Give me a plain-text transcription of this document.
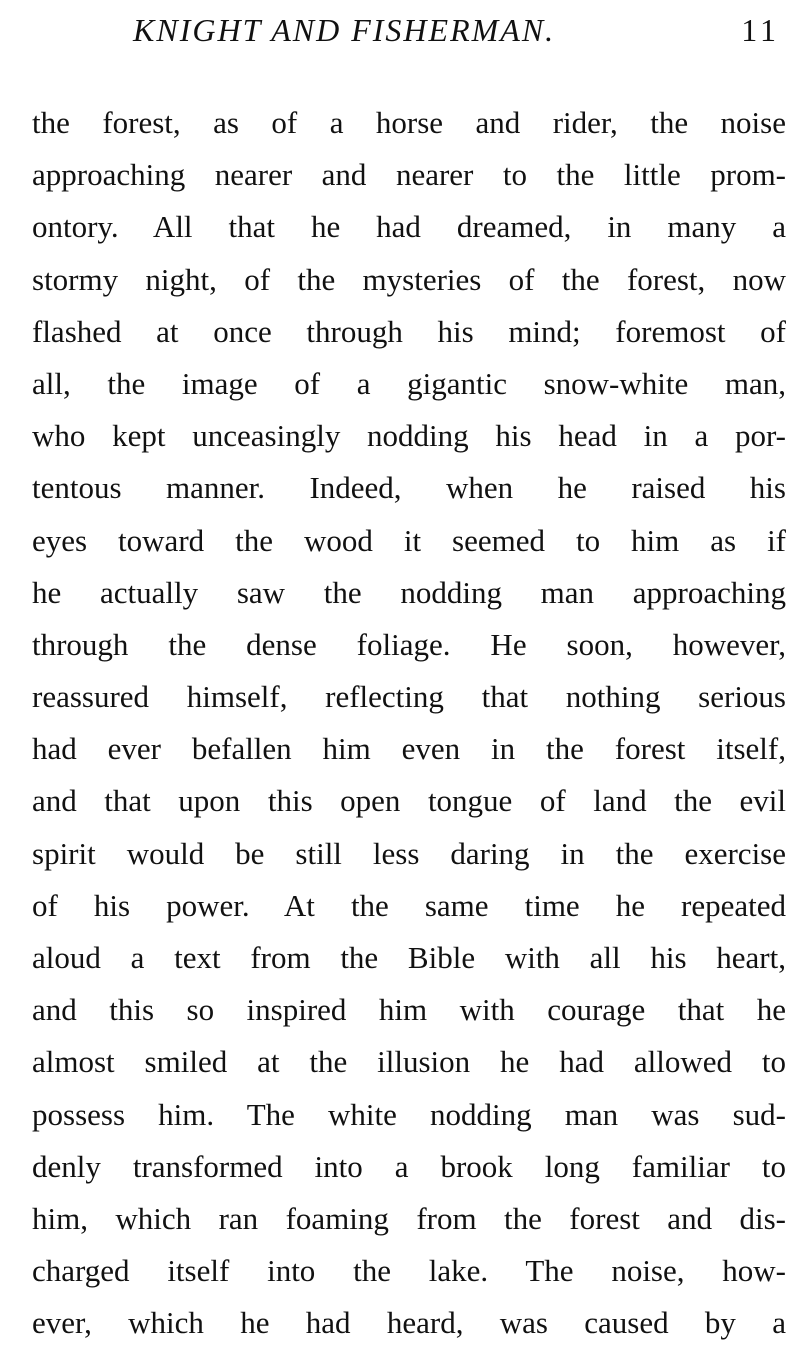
KNIGHT AND FISHERMAN.	11
the forest, as of a horse and rider, the noise
approaching nearer and nearer to the little prom-
ontory. All that he had dreamed, in many a
stormy night, of the mysteries of the forest, now
flashed at once through his mind; foremost of
all, the image of a gigantic snow-white man,
who kept unceasingly nodding his head in a por-
tentous manner. Indeed, when he raised his
eyes toward the wood it seemed to him as if
he actually saw the nodding man approaching
through the dense foliage. He soon, however,
reassured himself, reflecting that nothing serious
had ever befallen him even in the forest itself,
and that upon this open tongue of land the evil
spirit would be still less daring in the exercise
of his power. At the same time he repeated
aloud a text from the Bible with all his heart,
and this so inspired him with courage that he
almost smiled at the illusion he had allowed to
possess him. The white nodding man was sud-
denly transformed into a brook long familiar to
him, which ran foaming from the forest and dis-
charged itself into the lake. The noise, how-
ever, which he had heard, was caused by a
